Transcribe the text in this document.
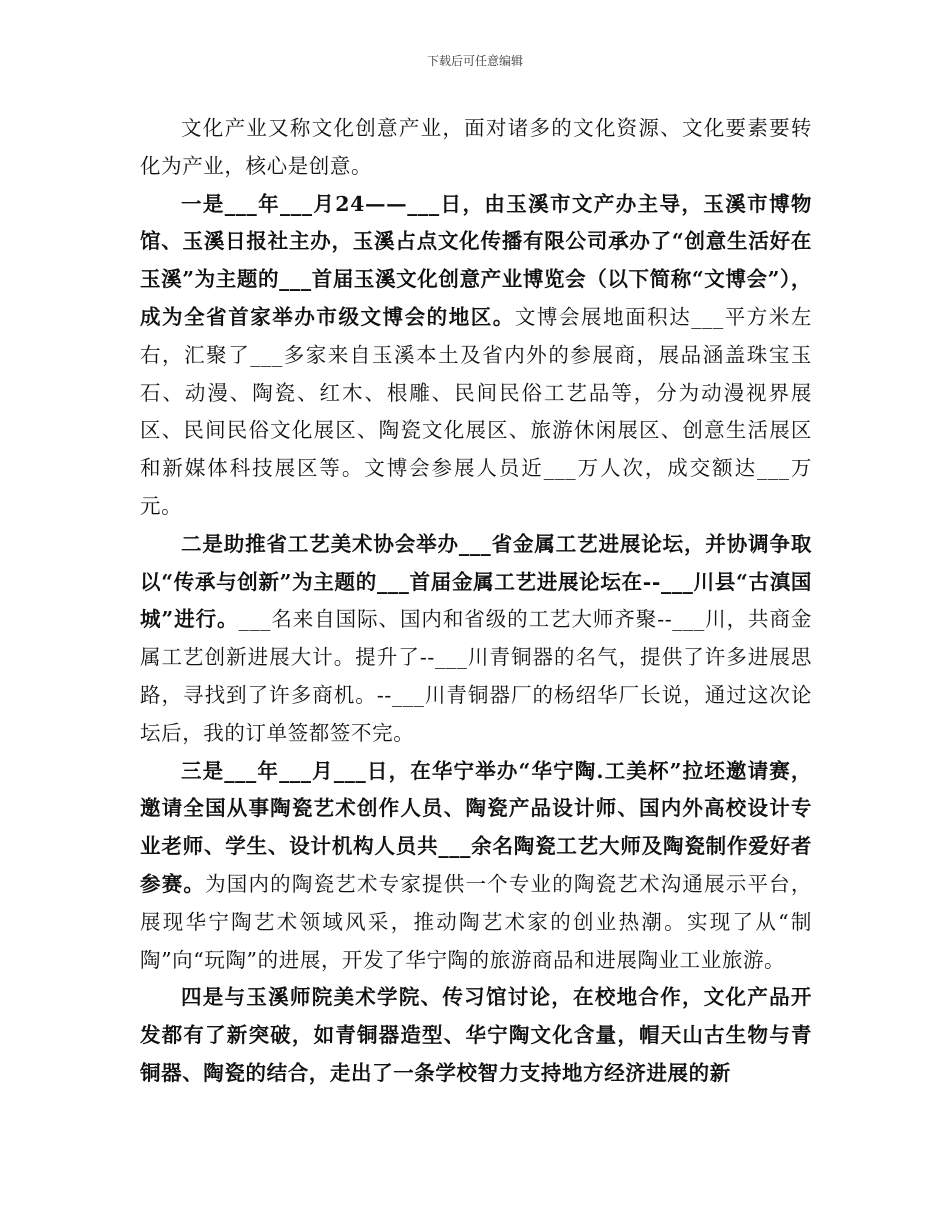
下载后可任意编辑

文化产业又称文化创意产业，面对诸多的文化资源、文化要素要转化为产业，核心是创意。

一是___年___月24——___日，由玉溪市文产办主导，玉溪市博物馆、玉溪日报社主办，玉溪占点文化传播有限公司承办了“创意生活好在玉溪”为主题的___首届玉溪文化创意产业博览会（以下简称“文博会”），成为全省首家举办市级文博会的地区。文博会展地面积达___平方米左右，汇聚了___多家来自玉溪本土及省内外的参展商，展品涵盖珠宝玉石、动漫、陶瓷、红木、根雕、民间民俗工艺品等，分为动漫视界展区、民间民俗文化展区、陶瓷文化展区、旅游休闲展区、创意生活展区和新媒体科技展区等。文博会参展人员近___万人次，成交额达___万元。

二是助推省工艺美术协会举办___省金属工艺进展论坛，并协调争取以“传承与创新”为主题的___首届金属工艺进展论坛在--___川县“古滇国城”进行。___名来自国际、国内和省级的工艺大师齐聚--___川，共商金属工艺创新进展大计。提升了--___川青铜器的名气，提供了许多进展思路，寻找到了许多商机。--___川青铜器厂的杨绍华厂长说，通过这次论坛后，我的订单签都签不完。

三是___年___月___日，在华宁举办“华宁陶.工美杯”拉坯邀请赛，邀请全国从事陶瓷艺术创作人员、陶瓷产品设计师、国内外高校设计专业老师、学生、设计机构人员共___余名陶瓷工艺大师及陶瓷制作爱好者参赛。为国内的陶瓷艺术专家提供一个专业的陶瓷艺术沟通展示平台，展现华宁陶艺术领域风采，推动陶艺术家的创业热潮。实现了从“制陶”向“玩陶”的进展，开发了华宁陶的旅游商品和进展陶业工业旅游。

四是与玉溪师院美术学院、传习馆讨论，在校地合作，文化产品开发都有了新突破，如青铜器造型、华宁陶文化含量，帽天山古生物与青铜器、陶瓷的结合，走出了一条学校智力支持地方经济进展的新
